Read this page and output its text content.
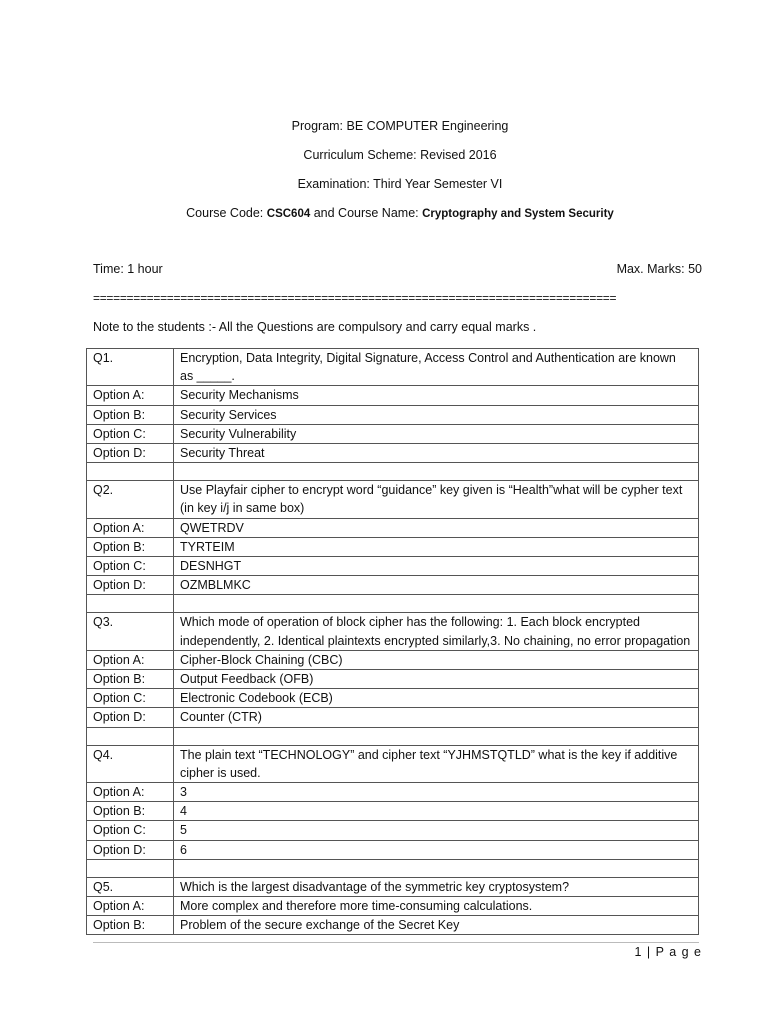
Program: BE COMPUTER Engineering
Curriculum Scheme: Revised 2016
Examination: Third Year Semester VI
Course Code: CSC604 and Course Name: Cryptography and System Security
Time: 1 hour	Max. Marks: 50
==============================================================================
Note to the students :- All the Questions are compulsory and carry equal marks .
Q1.	Encryption, Data Integrity, Digital Signature, Access Control and Authentication are known as _____.
Option A:	Security Mechanisms
Option B:	Security Services
Option C:	Security Vulnerability
Option D:	Security Threat

Q2.	Use Playfair cipher to encrypt word “guidance” key given is “Health”what will be cypher text (in key i/j in same box)
Option A:	QWETRDV
Option B:	TYRTEIM
Option C:	DESNHGT
Option D:	OZMBLMKC

Q3.	Which mode of operation of block cipher has the following: 1. Each block encrypted independently, 2. Identical plaintexts encrypted similarly,3. No chaining, no error propagation
Option A:	Cipher-Block Chaining (CBC)
Option B:	Output Feedback (OFB)
Option C:	Electronic Codebook (ECB)
Option D:	Counter (CTR)

Q4.	The plain text “TECHNOLOGY” and cipher text “YJHMSTQTLD” what is the key if additive cipher is used.
Option A:	3
Option B:	4
Option C:	5
Option D:	6

Q5.	Which is the largest disadvantage of the symmetric key cryptosystem?
Option A:	More complex and therefore more time-consuming calculations.
Option B:	Problem of the secure exchange of the Secret Key
1 | P a g e
